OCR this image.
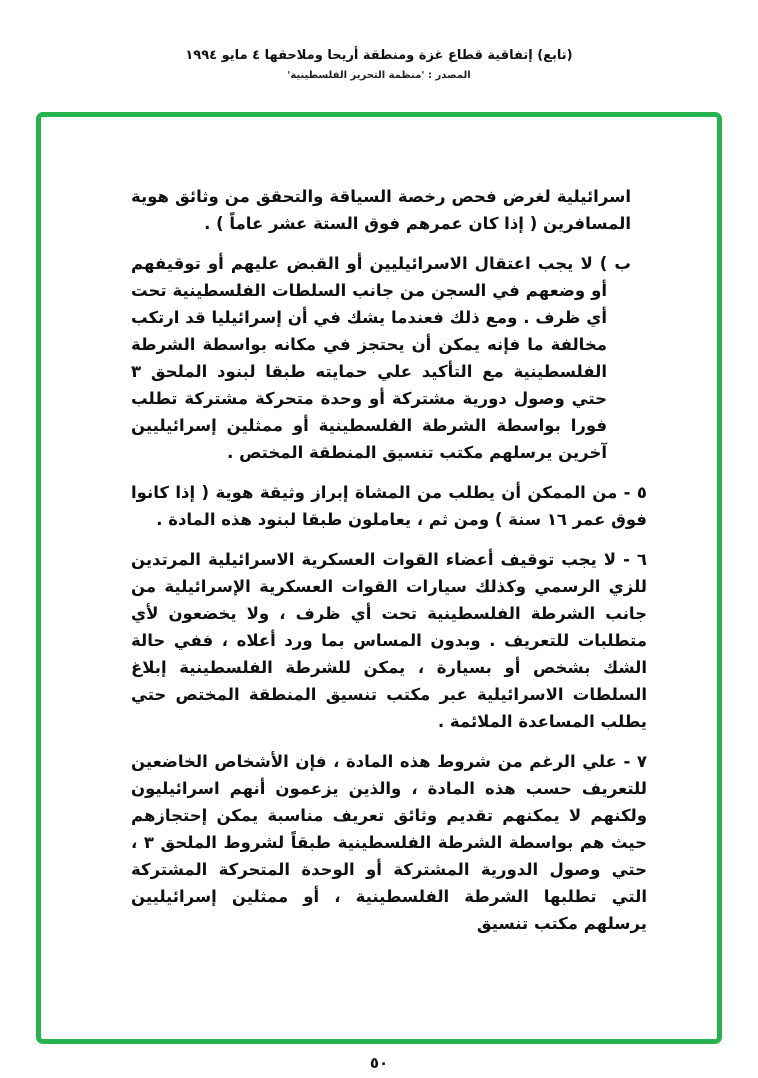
(تابع) إتفاقية قطاع غزة ومنطقة أريحا وملاحقها ٤ مايو ١٩٩٤
المصدر : 'منظمة التحرير الفلسطينية'

اسرائيلية لغرض فحص رخصة السياقة والتحقق من وثائق هوية المسافرين ( إذا كان عمرهم فوق الستة عشر عاماً ) .

ب ) لا يجب اعتقال الاسرائيليين أو القبض عليهم أو توقيفهم أو وضعهم في السجن من جانب السلطات الفلسطينية تحت أي ظرف . ومع ذلك فعندما يشك في أن إسرائيليا قد ارتكب مخالفة ما فإنه يمكن أن يحتجز في مكانه بواسطة الشرطة الفلسطينية مع التأكيد علي حمايته طبقا لبنود الملحق ٣ حتي وصول دورية مشتركة أو وحدة متحركة مشتركة تطلب فورا بواسطة الشرطة الفلسطينية أو ممثلين إسرائيليين آخرين يرسلهم مكتب تنسيق المنطقة المختص .

٥ - من الممكن أن يطلب من المشاة إبراز وثيقة هوية ( إذا كانوا فوق عمر ١٦ سنة ) ومن ثم ، يعاملون طبقا لبنود هذه المادة .

٦ - لا يجب توقيف أعضاء القوات العسكرية الاسرائيلية المرتدين للزي الرسمي وكذلك سيارات القوات العسكرية الإسرائيلية من جانب الشرطة الفلسطينية تحت أي ظرف ، ولا يخضعون لأي متطلبات للتعريف . وبدون المساس بما ورد أعلاه ، ففي حالة الشك بشخص أو بسيارة ، يمكن للشرطة الفلسطينية إبلاغ السلطات الاسرائيلية عبر مكتب تنسيق المنطقة المختص حتي يطلب المساعدة الملائمة .

٧ - علي الرغم من شروط هذه المادة ، فإن الأشخاص الخاضعين للتعريف حسب هذه المادة ، والذين يزعمون أنهم اسرائيليون ولكنهم لا يمكنهم تقديم وثائق تعريف مناسبة يمكن إحتجازهم حيث هم بواسطة الشرطة الفلسطينية طبقاً لشروط الملحق ٣ ، حتي وصول الدورية المشتركة أو الوحدة المتحركة المشتركة التي تطلبها الشرطة الفلسطينية ، أو ممثلين إسرائيليين يرسلهم مكتب تنسيق

٥٠
